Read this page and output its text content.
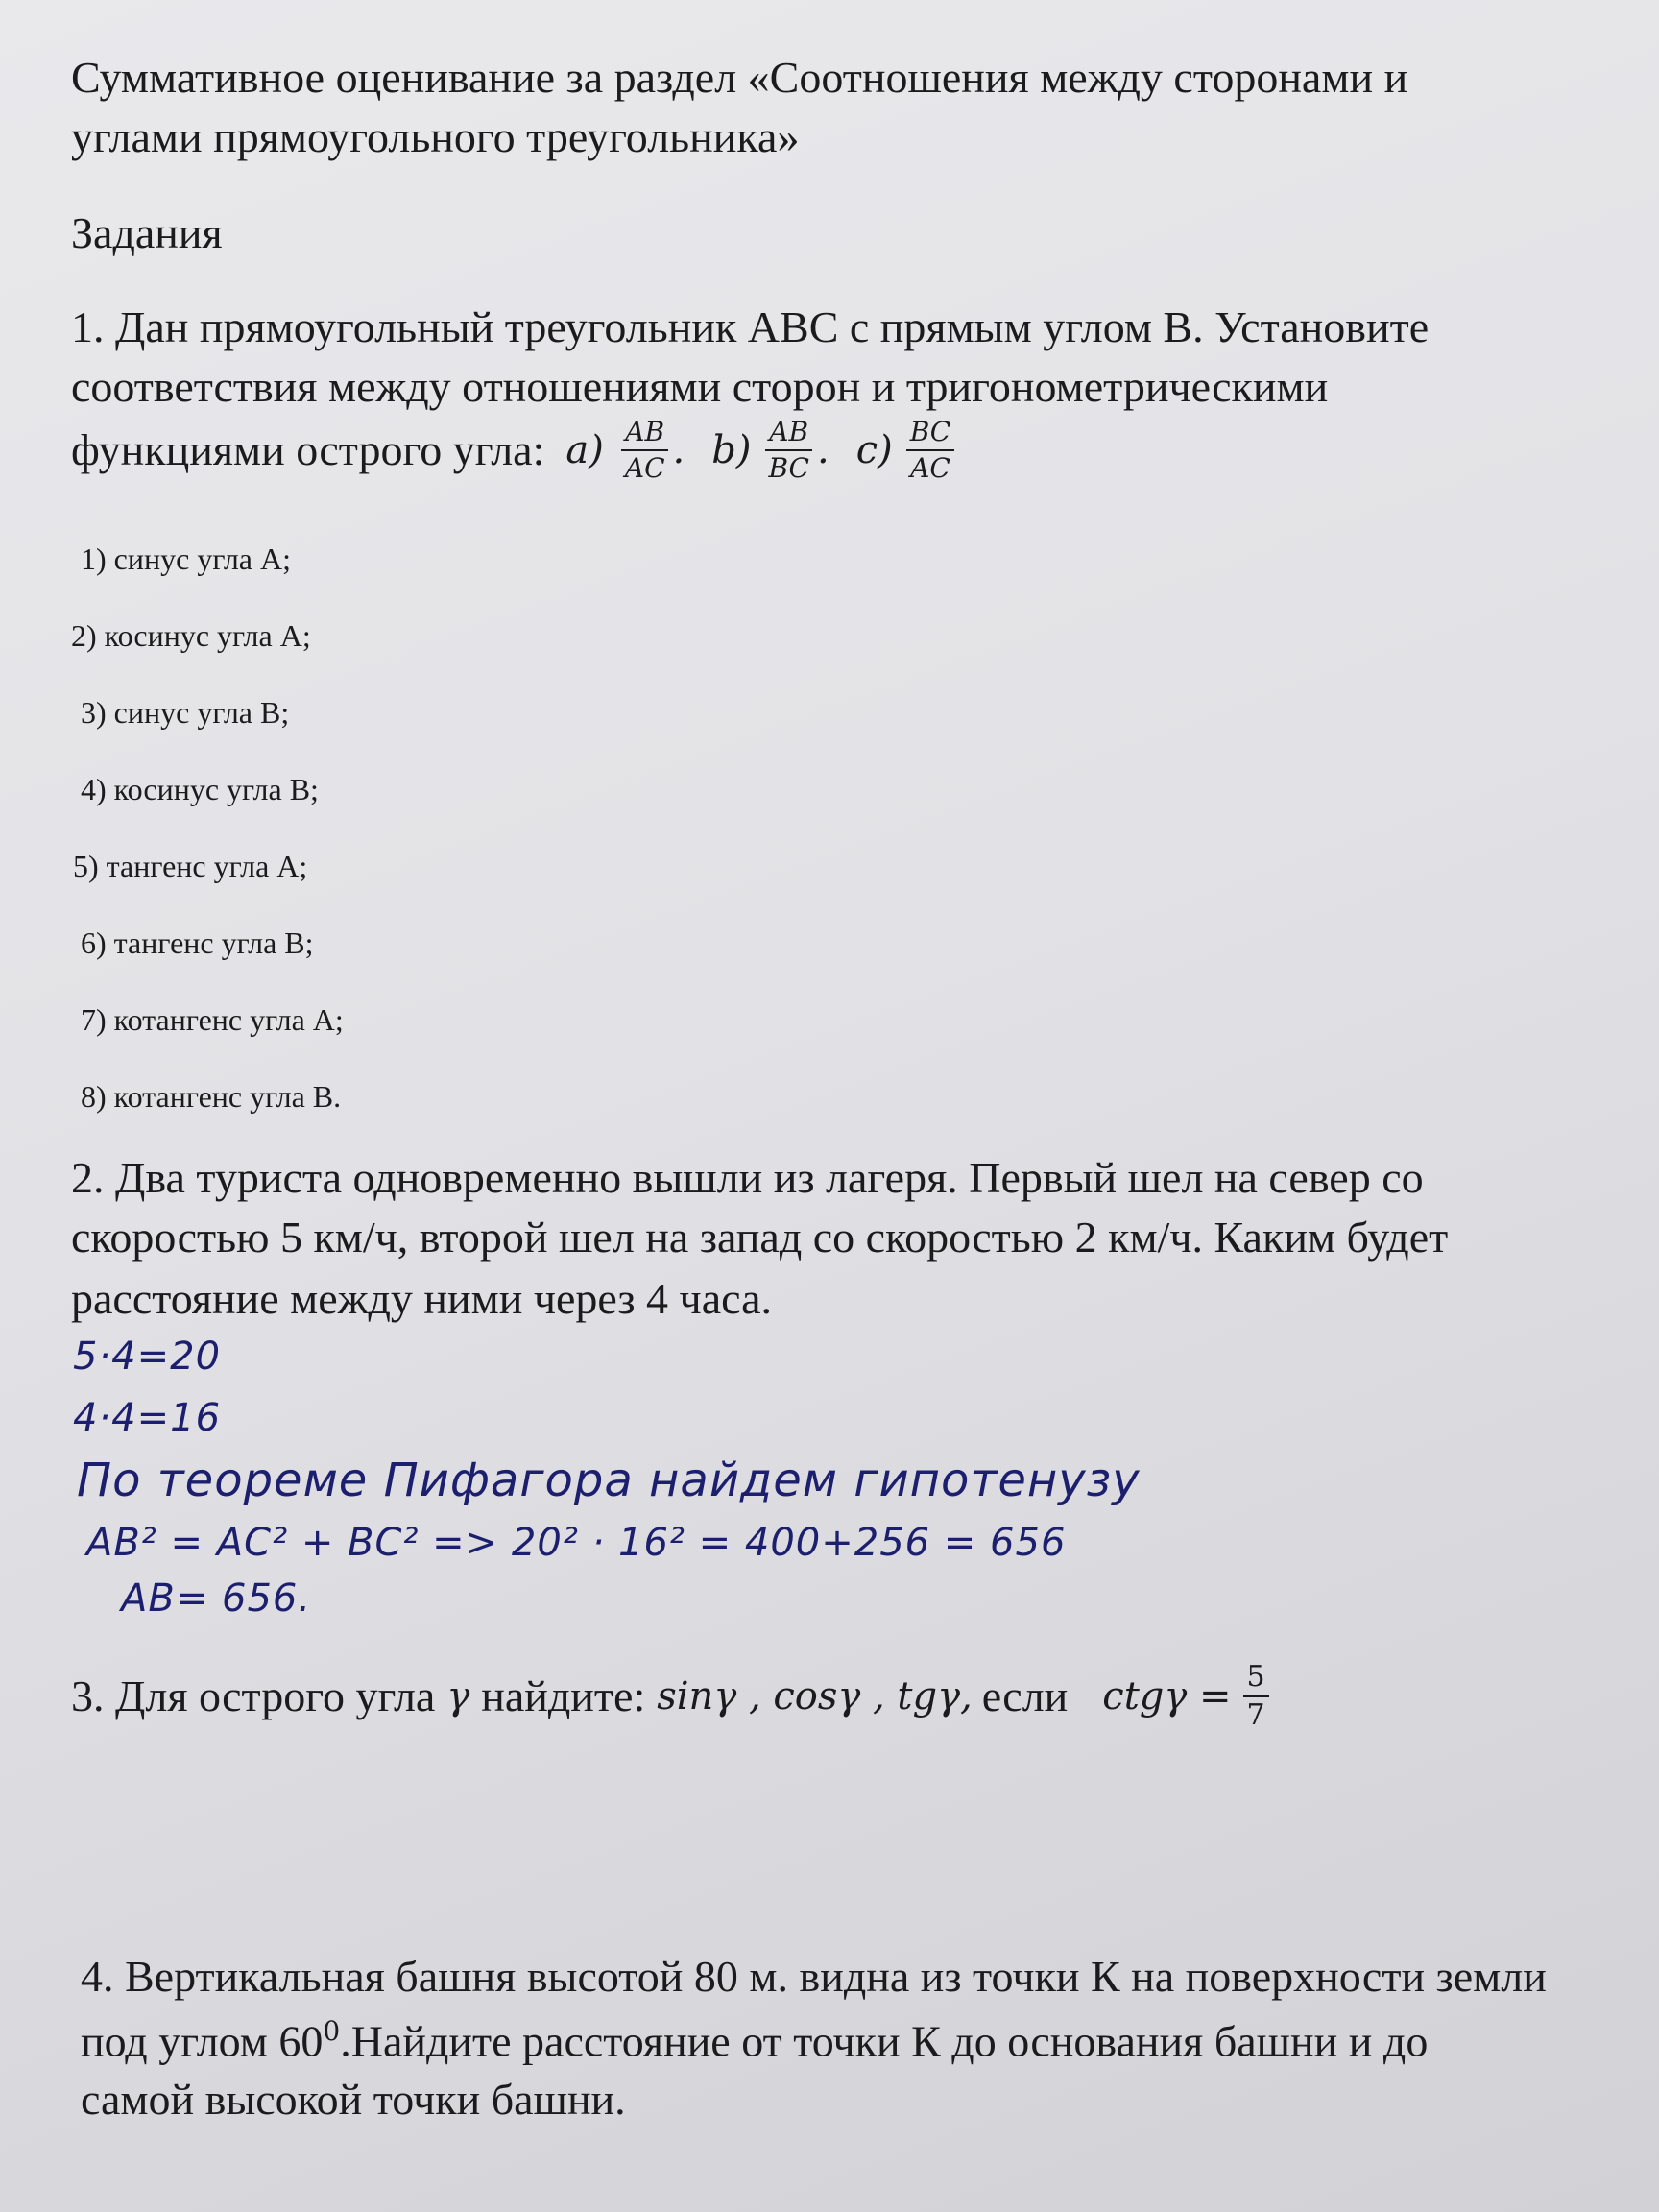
Суммативное оценивание за раздел «Соотношения между сторонами и
углами прямоугольного треугольника»
Задания
1. Дан прямоугольный треугольник ABC с прямым углом B. Установите
соответствия между отношениями сторон и тригонометрическими
функциями острого угла: $a) \frac{AB}{AC}$ . $b) \frac{AB}{BC}$ . $c) \frac{BC}{AC}$
1) синус угла А;
2) косинус угла А;
3) синус угла В;
4) косинус угла В;
5) тангенс угла А;
6) тангенс угла В;
7) котангенс угла А;
8) котангенс угла В.
2. Два туриста одновременно вышли из лагеря. Первый шел на север со
скоростью 5 км/ч, второй шел на запад со скоростью 2 км/ч. Каким будет
расстояние между ними через 4 часа.
5·4=20
4·4=16
По теореме Пифагора найдем гипотенузу
AB² = AC² + BC² => 20² · 16² = 400+256 = 656
AB= 656.
3. Для острого угла γ найдите: sinγ , cosγ , tgγ, если $ctg\gamma = \frac{5}{7}$
4. Вертикальная башня высотой 80 м. видна из точки К на поверхности земли
под углом $60^0.Найдите$ расстояние от точки К до основания башни и до
самой высокой точки башни.
